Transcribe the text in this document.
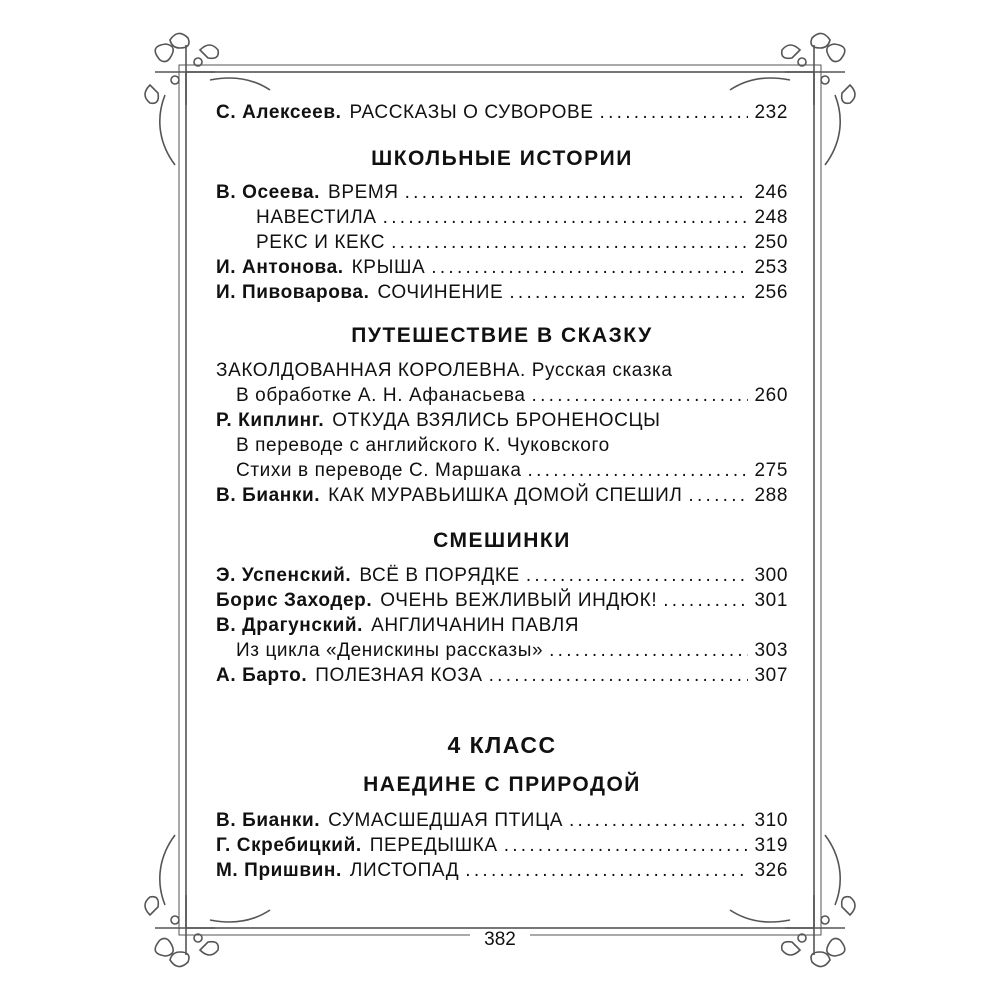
С. Алексеев. РАССКАЗЫ О СУВОРОВЕ . . .	232
ШКОЛЬНЫЕ ИСТОРИИ
В. Осеева. ВРЕМЯ . . .	246
НАВЕСТИЛА . . .	248
РЕКС И КЕКС . . .	250
И. Антонова. КРЫША . . .	253
И. Пивоварова. СОЧИНЕНИЕ . . .	256
ПУТЕШЕСТВИЕ В СКАЗКУ
ЗАКОЛДОВАННАЯ КОРОЛЕВНА . Русская сказка
В обработке А. Н. Афанасьева . . .	260
Р. Киплинг. ОТКУДА ВЗЯЛИСЬ БРОНЕНОСЦЫ
В переводе с английского К. Чуковского
Стихи в переводе С. Маршака . . .	275
В. Бианки. КАК МУРАВЬИШКА ДОМОЙ СПЕШИЛ . . .	288
СМЕШИНКИ
Э. Успенский. ВСЁ В ПОРЯДКЕ . . .	300
Борис Заходер. ОЧЕНЬ ВЕЖЛИВЫЙ ИНДЮК! . . .	301
В. Драгунский. АНГЛИЧАНИН ПАВЛЯ
Из цикла «Денискины рассказы» . . .	303
А. Барто. ПОЛЕЗНАЯ КОЗА . . .	307
4 КЛАСС
НАЕДИНЕ С ПРИРОДОЙ
В. Бианки. СУМАСШЕДШАЯ ПТИЦА . . .	310
Г. Скребицкий. ПЕРЕДЫШКА . . .	319
М. Пришвин. ЛИСТОПАД . . .	326
382
